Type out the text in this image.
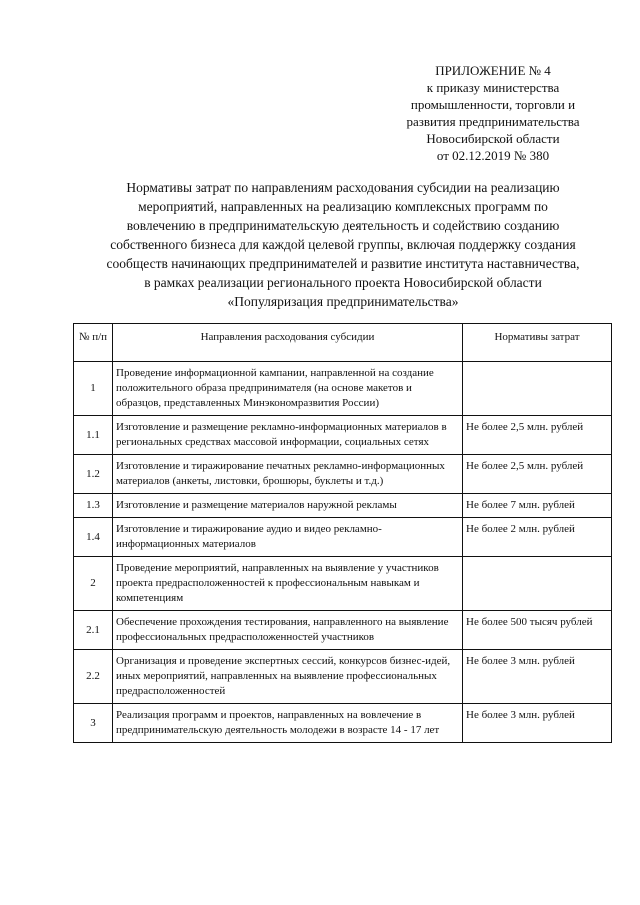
ПРИЛОЖЕНИЕ № 4
к приказу министерства
промышленности, торговли и
развития предпринимательства
Новосибирской области
от 02.12.2019 № 380
Нормативы затрат по направлениям расходования субсидии на реализацию
мероприятий, направленных на реализацию комплексных программ по
вовлечению в предпринимательскую деятельность и содействию созданию
собственного бизнеса для каждой целевой группы, включая поддержку создания
сообществ начинающих предпринимателей и развитие института наставничества,
в рамках реализации регионального проекта Новосибирской области
«Популяризация предпринимательства»
№ п/п	Направления расходования субсидии	Нормативы затрат
1	Проведение информационной кампании, направленной на создание положительного образа предпринимателя (на основе макетов и образцов, представленных Минэкономразвития России)	
1.1	Изготовление и размещение рекламно-информационных материалов в региональных средствах массовой информации, социальных сетях	Не более 2,5 млн. рублей
1.2	Изготовление и тиражирование печатных рекламно-информационных материалов (анкеты, листовки, брошюры, буклеты и т.д.)	Не более 2,5 млн. рублей
1.3	Изготовление и размещение материалов наружной рекламы	Не более 7 млн. рублей
1.4	Изготовление и тиражирование аудио и видео рекламно-информационных материалов	Не более 2 млн. рублей
2	Проведение мероприятий, направленных на выявление у участников проекта предрасположенностей к профессиональным навыкам и компетенциям	
2.1	Обеспечение прохождения тестирования, направленного на выявление профессиональных предрасположенностей участников	Не более 500 тысяч рублей
2.2	Организация и проведение экспертных сессий, конкурсов бизнес-идей, иных мероприятий, направленных на выявление профессиональных предрасположенностей	Не более 3 млн. рублей
3	Реализация программ и проектов, направленных на вовлечение в предпринимательскую деятельность молодежи в возрасте 14 - 17 лет	Не более 3 млн. рублей
